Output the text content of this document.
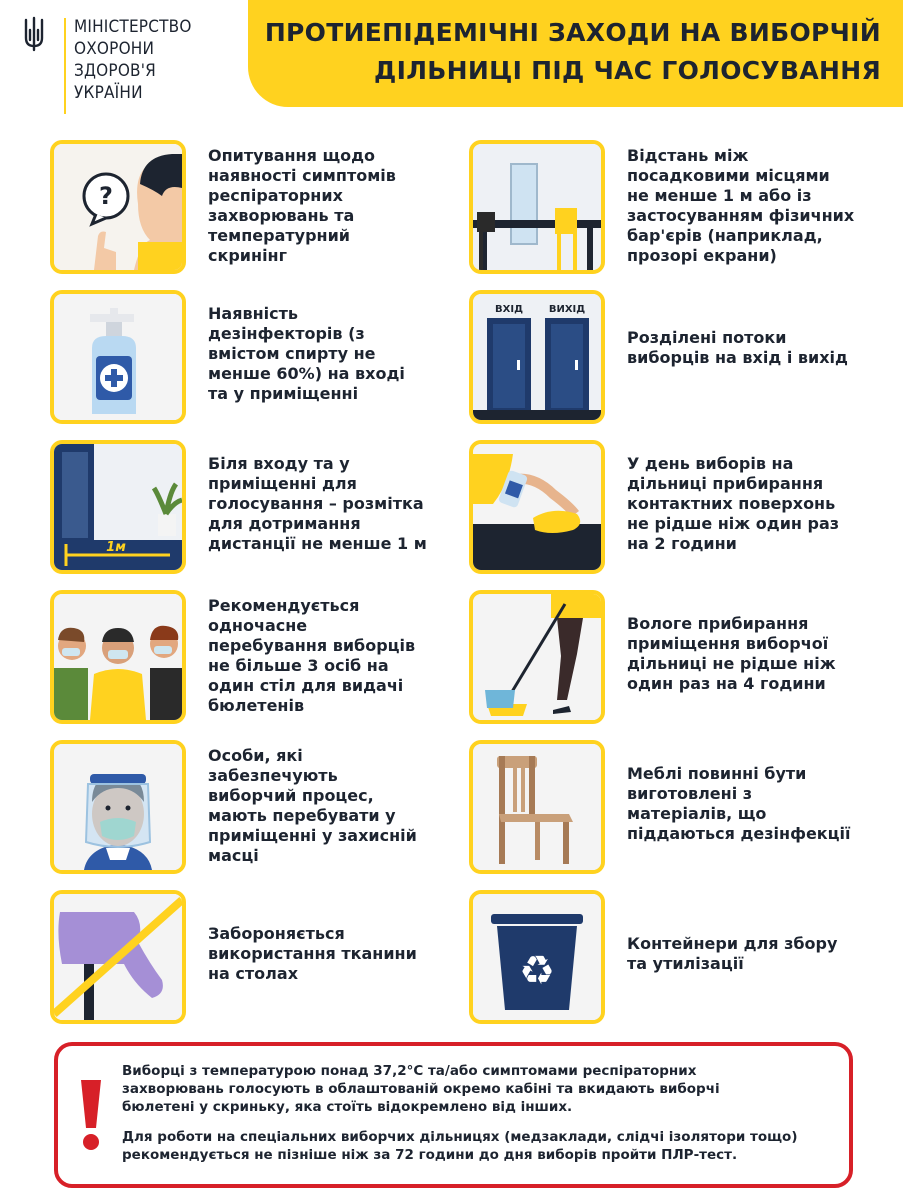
МІНІСТЕРСТВО
ОХОРОНИ
ЗДОРОВ'Я
УКРАЇНИ
ПРОТИЕПІДЕМІЧНІ ЗАХОДИ НА ВИБОРЧІЙ
ДІЛЬНИЦІ ПІД ЧАС ГОЛОСУВАННЯ
?
Опитування щодо
наявності симптомів
респіраторних
захворювань та
температурний
скринінг
Наявність
дезінфекторів (з
вмістом спирту не
менше 60%) на вході
та у приміщенні
1м
Біля входу та у
приміщенні для
голосування – розмітка
для дотримання
дистанції не менше 1 м
Рекомендується
одночасне
перебування виборців
не більше 3 осіб на
один стіл для видачі
бюлетенів
Особи, які
забезпечують
виборчий процес,
мають перебувати у
приміщенні у захисній
масці
Забороняється
використання тканини
на столах
Відстань між
посадковими місцями
не менше 1 м або із
застосуванням фізичних
бар'єрів (наприклад,
прозорі екрани)
ВХІД	ВИХІД
Розділені потоки
виборців на вхід і вихід
У день виборів на
дільниці прибирання
контактних поверхонь
не рідше ніж один раз
на 2 години
Вологе прибирання
приміщення виборчої
дільниці не рідше ніж
один раз на 4 години
Меблі повинні бути
виготовлені з
матеріалів, що
піддаються дезінфекції
♻
Контейнери для збору
та утилізації
Виборці з температурою понад 37,2°С та/або симптомами респіраторних
захворювань голосують в облаштованій окремо кабіні та вкидають виборчі
бюлетені у скриньку, яка стоїть відокремлено від інших.
Для роботи на спеціальних виборчих дільницях (медзаклади, слідчі ізолятори тощо)
рекомендується не пізніше ніж за 72 години до дня виборів пройти ПЛР-тест.
